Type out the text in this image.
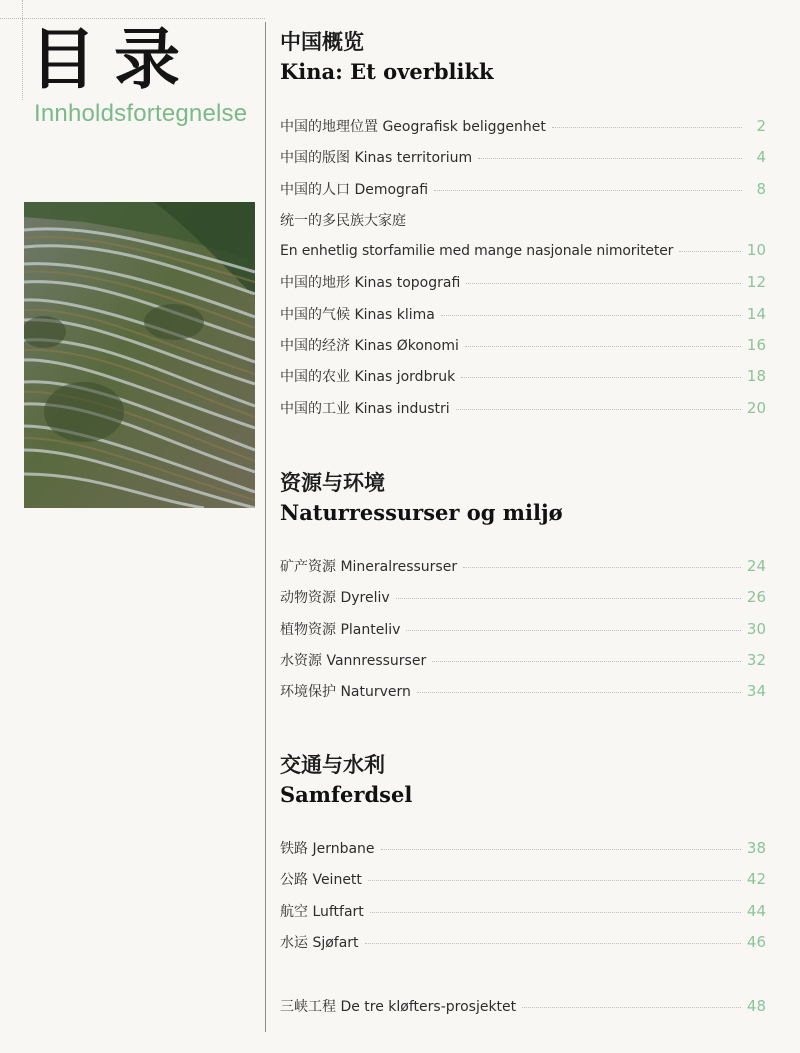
目录
Innholdsfortegnelse
中国概览
Kina: Et overblikk
中国的地理位置 Geografisk beliggenhet	2
中国的版图 Kinas territorium	4
中国的人口 Demografi	8
统一的多民族大家庭
En enhetlig storfamilie med mange nasjonale nimoriteter	10
中国的地形 Kinas topografi	12
中国的气候 Kinas klima	14
中国的经济 Kinas Økonomi	16
中国的农业 Kinas jordbruk	18
中国的工业 Kinas industri	20
资源与环境
Naturressurser og miljø
矿产资源 Mineralressurser	24
动物资源 Dyreliv	26
植物资源 Planteliv	30
水资源 Vannressurser	32
环境保护 Naturvern	34
交通与水利
Samferdsel
铁路 Jernbane	38
公路 Veinett	42
航空 Luftfart	44
水运 Sjøfart	46
三峡工程 De tre kløfters-prosjektet	48
